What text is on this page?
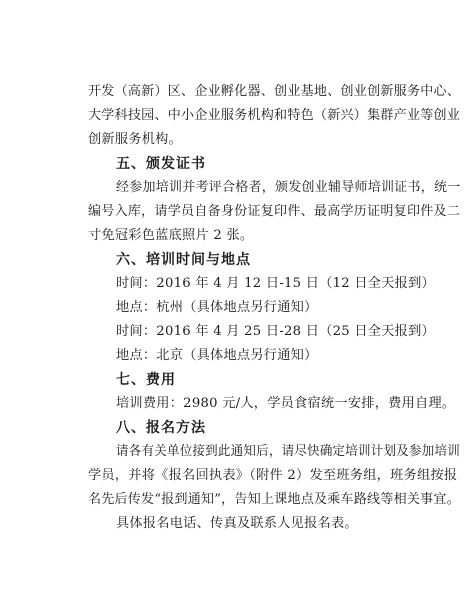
开发（高新）区、企业孵化器、创业基地、创业创新服务中心、
大学科技园、中小企业服务机构和特色（新兴）集群产业等创业
创新服务机构。
五、颁发证书
经参加培训并考评合格者，颁发创业辅导师培训证书，统一
编号入库，请学员自备身份证复印件、最高学历证明复印件及二
寸免冠彩色蓝底照片 2 张。
六、培训时间与地点
时间：2016 年 4 月 12 日-15 日（12 日全天报到）
地点：杭州（具体地点另行通知）
时间：2016 年 4 月 25 日-28 日（25 日全天报到）
地点：北京（具体地点另行通知）
七、费用
培训费用：2980 元/人，学员食宿统一安排，费用自理。
八、报名方法
请各有关单位接到此通知后，请尽快确定培训计划及参加培训
学员，并将《报名回执表》（附件 2）发至班务组，班务组按报
名先后传发“报到通知”，告知上课地点及乘车路线等相关事宜。
具体报名电话、传真及联系人见报名表。
